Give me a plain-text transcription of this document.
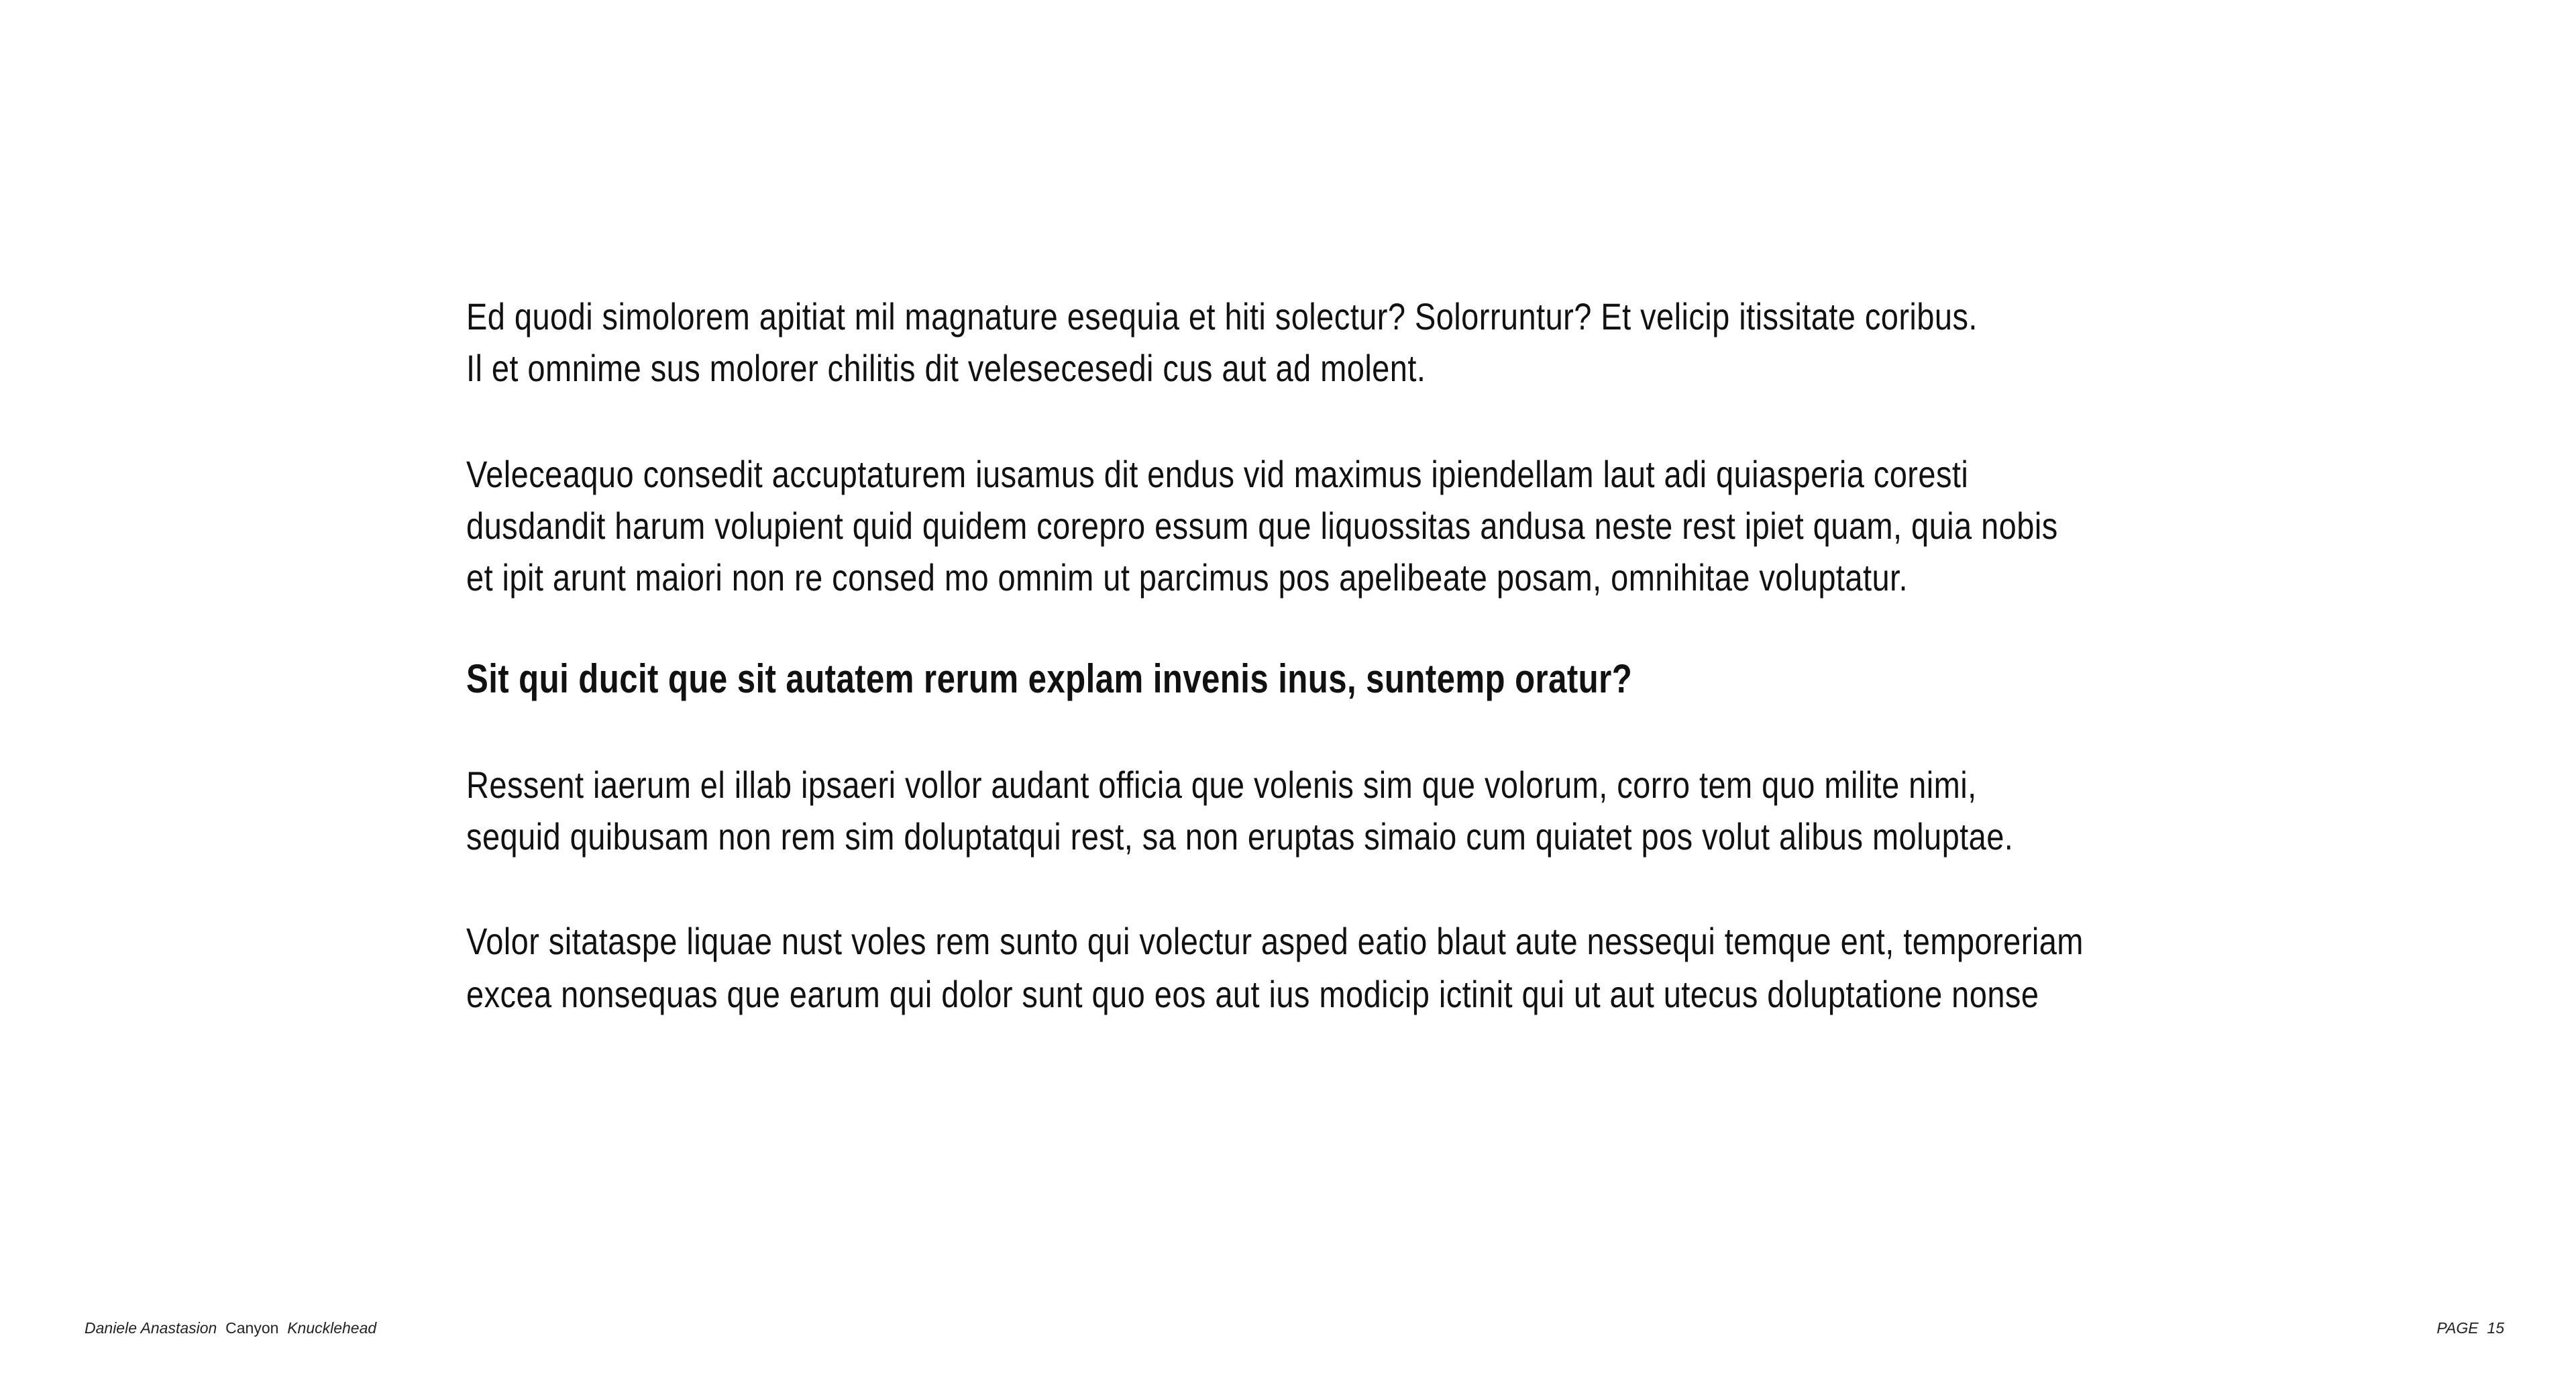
Ed quodi simolorem apitiat mil magnature esequia et hiti solectur? Solorruntur? Et velicip itissitate coribus.
Il et omnime sus molorer chilitis dit velesecesedi cus aut ad molent.
Veleceaquo consedit accuptaturem iusamus dit endus vid maximus ipiendellam laut adi quiasperia coresti
dusdandit harum volupient quid quidem corepro essum que liquossitas andusa neste rest ipiet quam, quia nobis
et ipit arunt maiori non re consed mo omnim ut parcimus pos apelibeate posam, omnihitae voluptatur.
Sit qui ducit que sit autatem rerum explam invenis inus, suntemp oratur?
Ressent iaerum el illab ipsaeri vollor audant officia que volenis sim que volorum, corro tem quo milite nimi,
sequid quibusam non rem sim doluptatqui rest, sa non eruptas simaio cum quiatet pos volut alibus moluptae.
Volor sitataspe liquae nust voles rem sunto qui volectur asped eatio blaut aute nessequi temque ent, temporeriam
excea nonsequas que earum qui dolor sunt quo eos aut ius modicip ictinit qui ut aut utecus doluptatione nonse
Daniele Anastasion Canyon Knucklehead	PAGE  15
